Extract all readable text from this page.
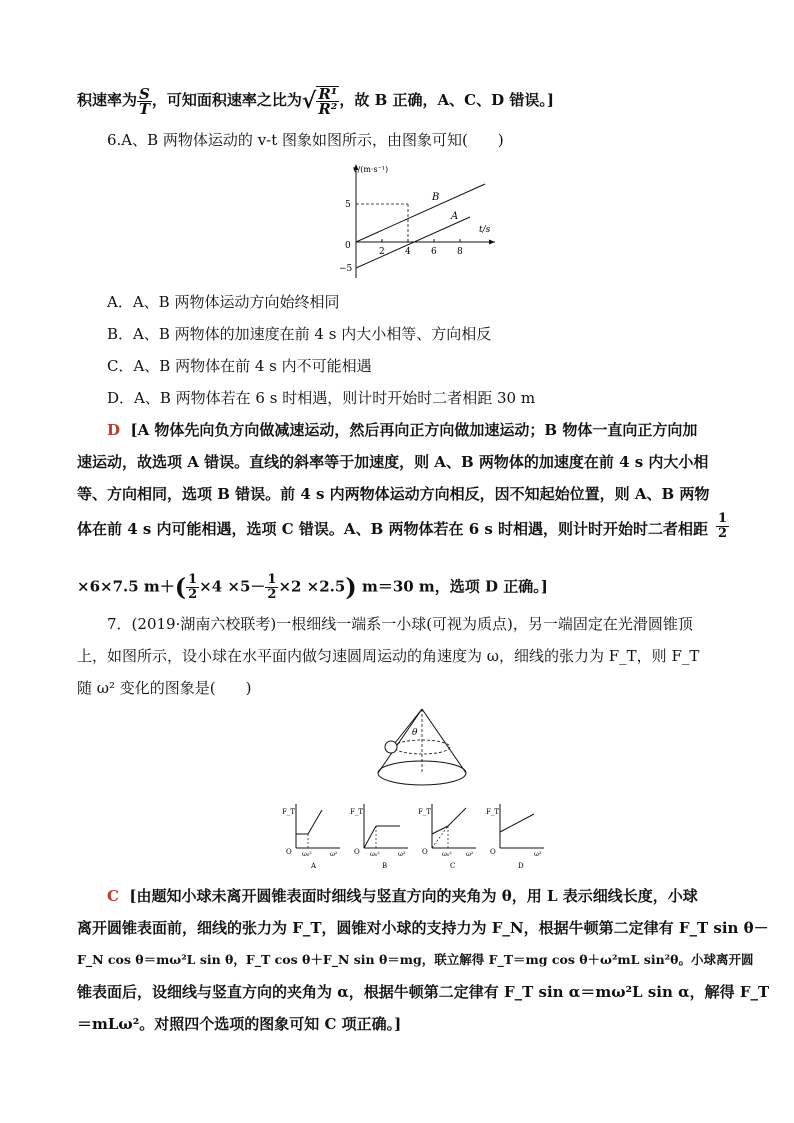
积速率为 $\frac{S}{T}$ ，可知面积速率之比为√ $\frac{\text{R¹}}{\text{R²}}$ ，故 B 正确，A、C、D 错误。]
6.A、B 两物体运动的 v-t 图象如图所示，由图象可知(　　)
v/(m·s⁻¹)
t/s
B
A
2 4 6 8
5
0
−5
A．A、B 两物体运动方向始终相同
B．A、B 两物体的加速度在前 4 s 内大小相等、方向相反
C．A、B 两物体在前 4 s 内不可能相遇
D．A、B 两物体若在 6 s 时相遇，则计时开始时二者相距 30 m
D [A 物体先向负方向做减速运动，然后再向正方向做加速运动；B 物体一直向正方向加
速运动，故选项 A 错误。直线的斜率等于加速度，则 A、B 两物体的加速度在前 4 s 内大小相
等、方向相同，选项 B 错误。前 4 s 内两物体运动方向相反，因不知起始位置，则 A、B 两物
体在前 4 s 内可能相遇，选项 C 错误。A、B 两物体若在 6 s 时相遇，则计时开始时二者相距 $\frac{1}{2}$
×6×7.5 $m+( \frac{1}{2} \times 4 \times 5- \frac{1}{2} \times 2 \times 2.5)$ m＝30 m，选项 D 正确。]
7．(2019·湖南六校联考)一根细线一端系一小球(可视为质点)，另一端固定在光滑圆锥顶
上，如图所示，设小球在水平面内做匀速圆周运动的角速度为 ω，细线的张力为 F_T，则 F_T
随 ω² 变化的图象是(　　)
θ
F_T
O ω₀²	ω²
A
F_T
O ω₀²	ω²
B
F_T
O ω₀² ω²
C
F_T
O	ω²
D
C [由题知小球未离开圆锥表面时细线与竖直方向的夹角为 θ，用 L 表示细线长度，小球
离开圆锥表面前，细线的张力为 F_T，圆锥对小球的支持力为 F_N，根据牛顿第二定律有 F_T sin θ－
F_N cos θ＝mω²L sin θ，F_T cos θ＋F_N sin θ＝mg，联立解得 F_T＝mg cos θ＋ω²mL sin²θ。小球离开圆
锥表面后，设细线与竖直方向的夹角为 α，根据牛顿第二定律有 F_T sin α＝mω²L sin α，解得 F_T
＝mLω²。对照四个选项的图象可知 C 项正确。]
